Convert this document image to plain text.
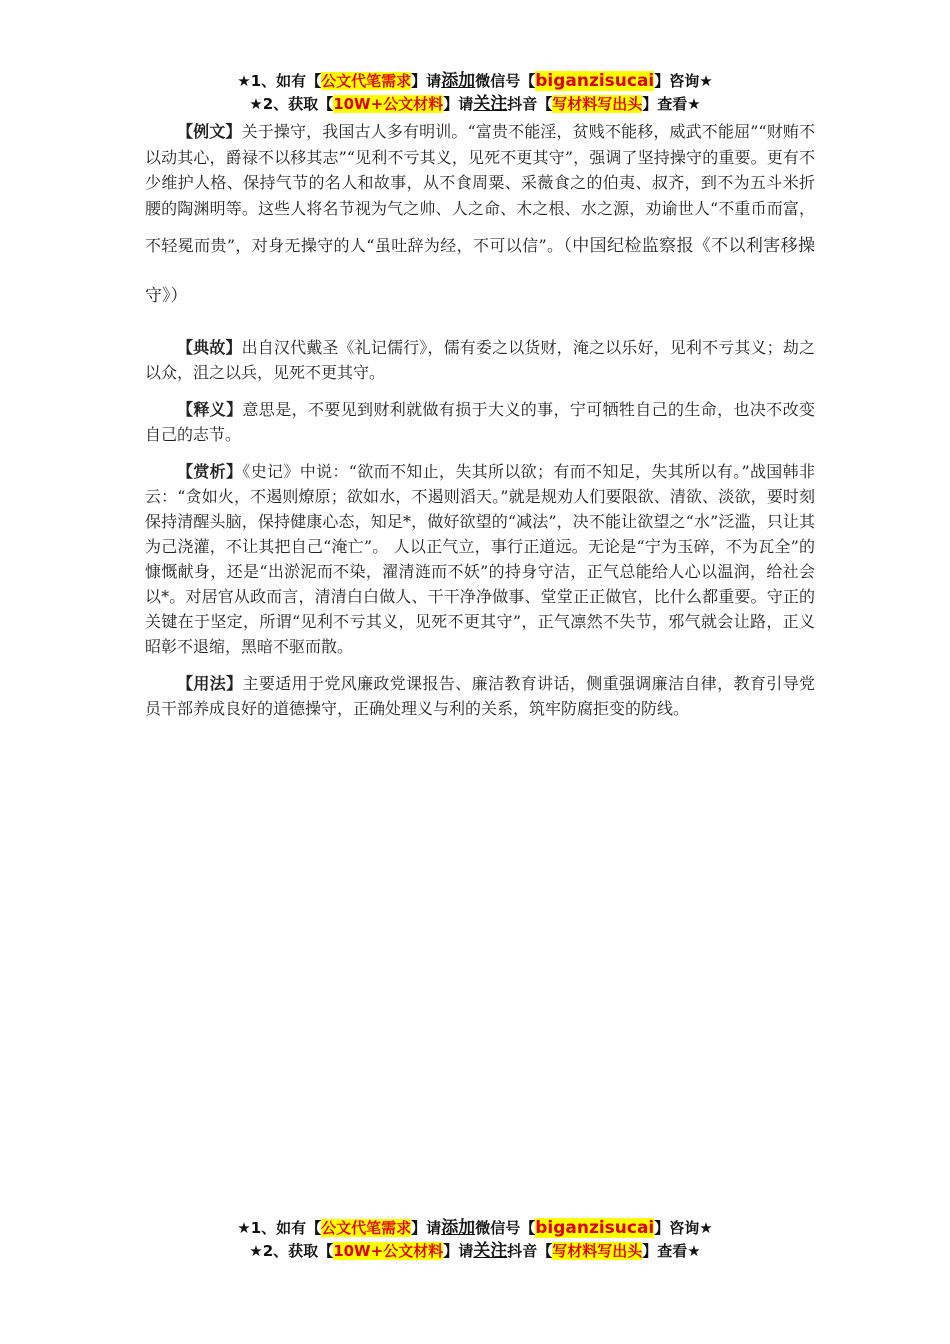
★1、如有【公文代笔需求】请添加微信号【biganzisucai】咨询★
★2、获取【10W+公文材料】请关注抖音【写材料写出头】查看★

【例文】关于操守，我国古人多有明训。“富贵不能淫，贫贱不能移，威武不能屈”“财贿不以动其心，爵禄不以移其志”“见利不亏其义，见死不更其守”，强调了坚持操守的重要。更有不少维护人格、保持气节的名人和故事，从不食周粟、采薇食之的伯夷、叔齐，到不为五斗米折腰的陶渊明等。这些人将名节视为气之帅、人之命、木之根、水之源，劝谕世人“不重币而富，不轻冕而贵”，对身无操守的人“虽吐辞为经，不可以信”。（中国纪检监察报《不以利害移操守》）

【典故】出自汉代戴圣《礼记儒行》，儒有委之以货财，淹之以乐好，见利不亏其义；劫之以众，沮之以兵，见死不更其守。

【释义】意思是，不要见到财利就做有损于大义的事，宁可牺牲自己的生命，也决不改变自己的志节。

【赏析】《史记》中说：“欲而不知止，失其所以欲；有而不知足，失其所以有。”战国韩非云：“贪如火，不遏则燎原；欲如水，不遏则滔天。”就是规劝人们要限欲、清欲、淡欲，要时刻保持清醒头脑，保持健康心态，知足*，做好欲望的“减法”，决不能让欲望之“水”泛滥，只让其为己浇灌，不让其把自己“淹亡”。 人以正气立，事行正道远。无论是“宁为玉碎，不为瓦全”的慷慨献身，还是“出淤泥而不染，濯清涟而不妖”的持身守洁，正气总能给人心以温润，给社会以*。对居官从政而言，清清白白做人、干干净净做事、堂堂正正做官，比什么都重要。守正的关键在于坚定，所谓“见利不亏其义，见死不更其守”，正气凛然不失节，邪气就会让路，正义昭彰不退缩，黑暗不驱而散。

【用法】主要适用于党风廉政党课报告、廉洁教育讲话，侧重强调廉洁自律，教育引导党员干部养成良好的道德操守，正确处理义与利的关系，筑牢防腐拒变的防线。

★1、如有【公文代笔需求】请添加微信号【biganzisucai】咨询★
★2、获取【10W+公文材料】请关注抖音【写材料写出头】查看★
